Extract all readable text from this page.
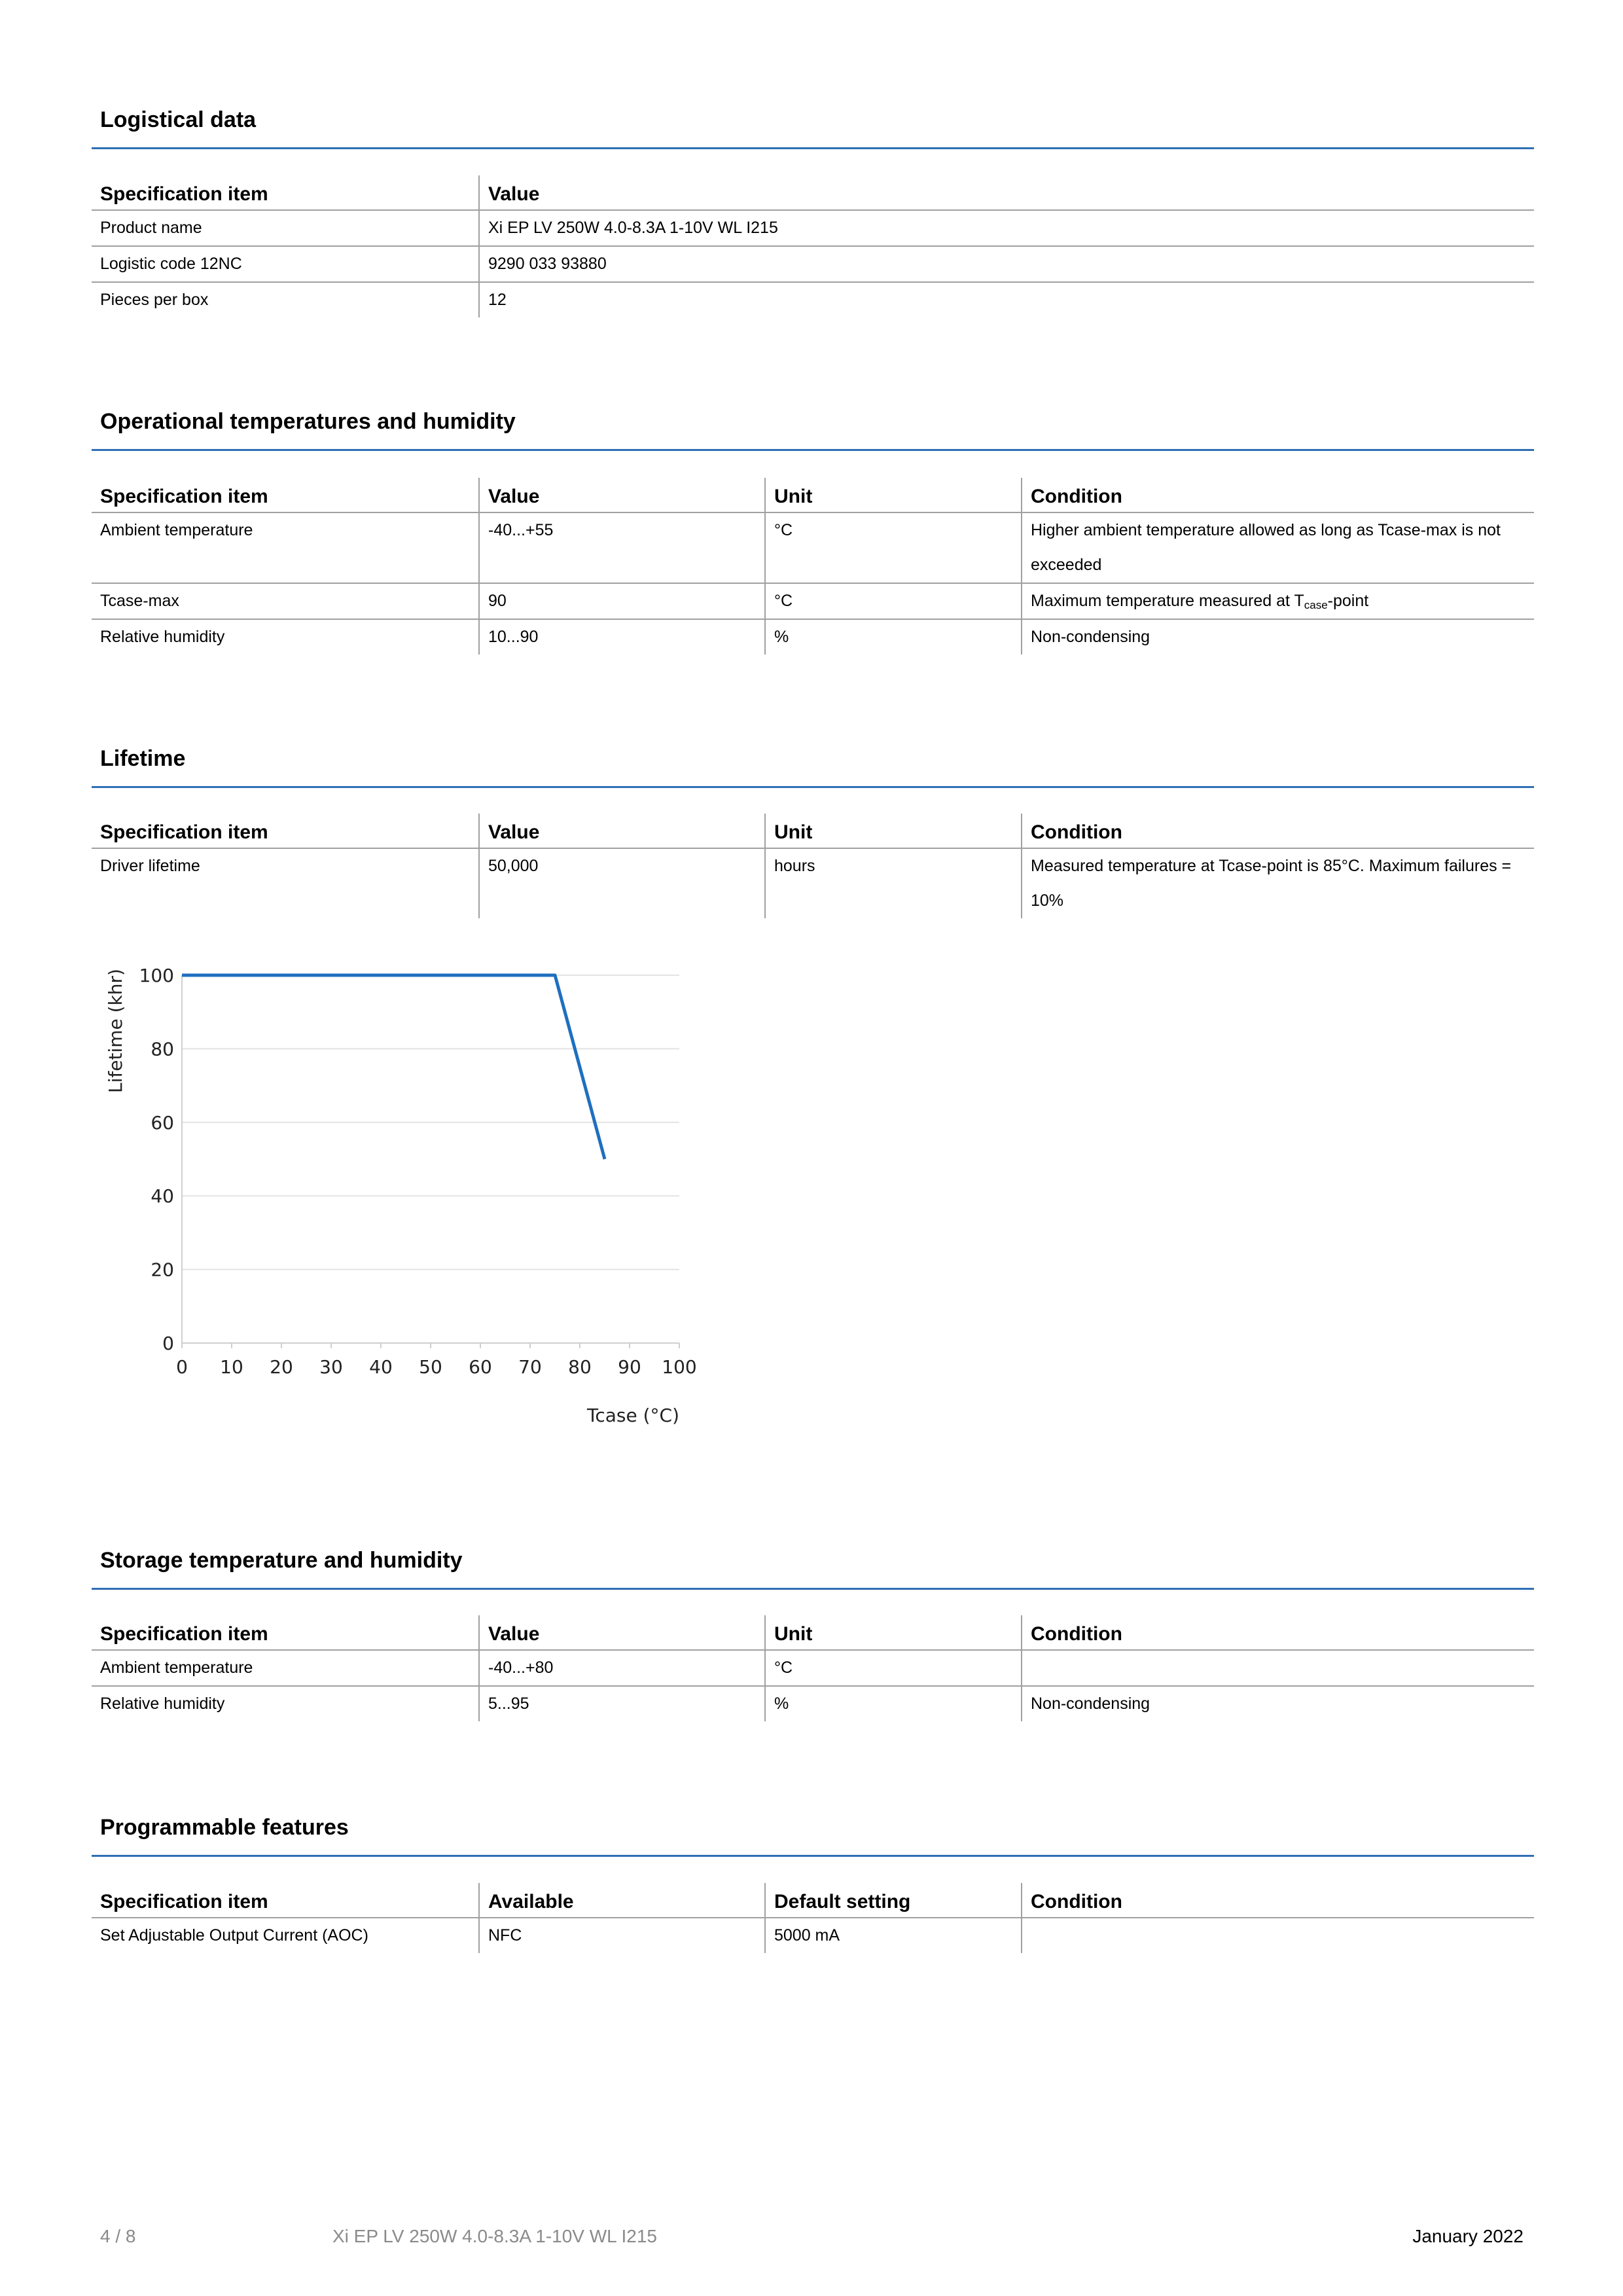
Logistical data
Specification item	Value
Product name	Xi EP LV 250W 4.0-8.3A 1-10V WL I215
Logistic code 12NC	9290 033 93880
Pieces per box	12
Operational temperatures and humidity
Specification item	Value	Unit	Condition
Ambient temperature	-40...+55	°C	Higher ambient temperature allowed as long as Tcase-max is not exceeded
Tcase-max	90	°C	Maximum temperature measured at $T_{case}$-point
Relative humidity	10...90	%	Non-condensing
Lifetime
Specification item	Value	Unit	Condition
Driver lifetime	50,000	hours	Measured temperature at Tcase-point is 85°C. Maximum failures = 10%
0
20
40
60
80
100
0 10 20 30 40 50 60 70 80 90 100
Lifetime (khr)
Tcase (°C)
Storage temperature and humidity
Specification item	Value	Unit	Condition
Ambient temperature	-40...+80	°C	
Relative humidity	5...95	%	Non-condensing
Programmable features
Specification item	Available	Default setting	Condition
Set Adjustable Output Current (AOC)	NFC	5000 mA	
4 / 8	Xi EP LV 250W 4.0-8.3A 1-10V WL I215	January 2022
